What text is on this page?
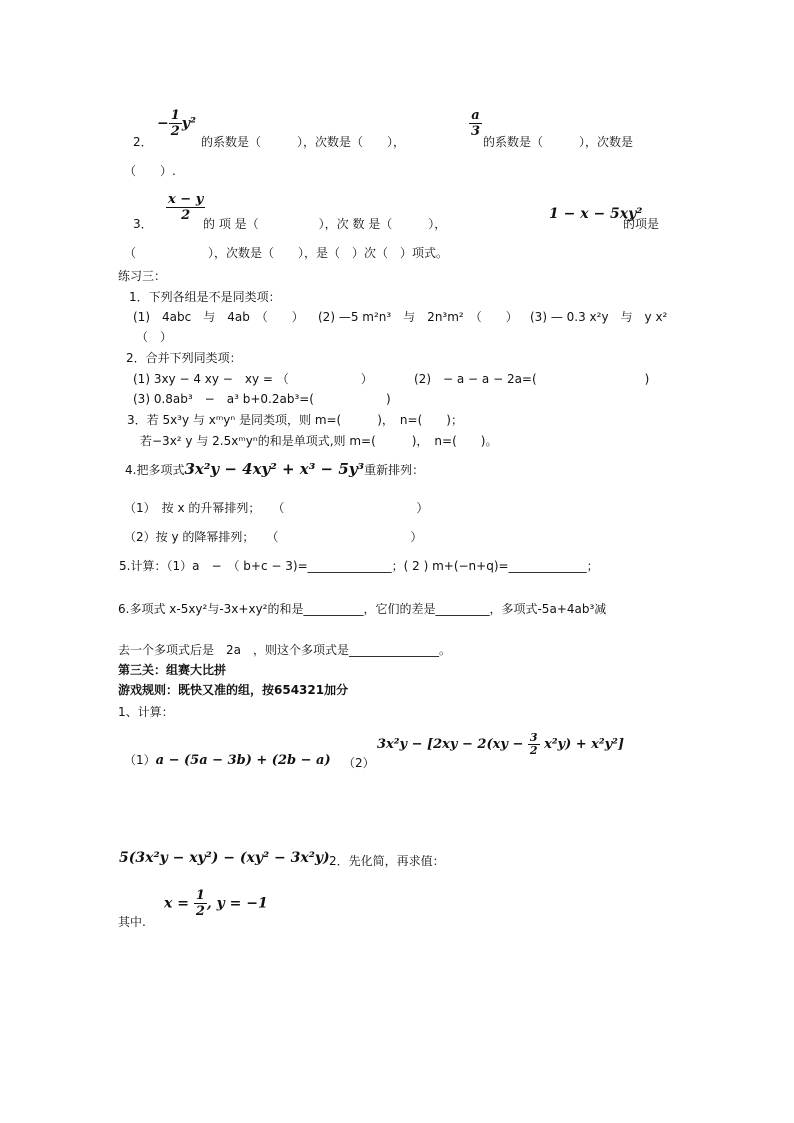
2．
− $\frac{1}{2} y^2$
的系数是（　　　），次数是（　　），
$\frac{a}{3}$
的系数是（　　　），次数是
（　　）.
3．
$\frac{x - y}{2}$
的 项 是（　　　　　），次 数 是（　　　），
1 − x − 5xy²
的项是
（　　　　　　），次数是（　　），是（　）次（　）项式。
练习三：
1．下列各组是不是同类项：
(1)　4abc　与　4ab　（　　） (2) —5 m²n³　与　2n³m²　（　　） (3) — 0.3 x²y　与　y x²
（　）
2．合并下列同类项：
(1) 3xy − 4 xy −　xy = （　　　　　　）	(2)　− a − a − 2a=(　　　　　　　　　)
(3) 0.8ab³　−　a³ b+0.2ab³=(　　　　　　)
3．若 5x³y 与 xᵐyⁿ 是同类项，则 m=(　　　)，　n=(　　)；
若−3x² y 与 2.5xᵐyⁿ的和是单项式,则 m=(　　　)，　n=(　　)。
4.把多项式3x²y − 4xy² + x³ − 5y³重新排列：
（1）　按 x 的升幂排列；　　（　　　　　　　　　　　）
（2）按 y 的降幂排列；　　（　　　　　　　　　　　）
5.计算：（1）a　−　（ b+c − 3)=______________；( 2 ) m+(−n+q)=_____________；
6.多项式 x-5xy²与-3x+xy²的和是__________，它们的差是_________，多项式-5a+4ab³减
去一个多项式后是　2a　，则这个多项式是_______________。
第三关：组赛大比拼
游戏规则：既快又准的组，按654321加分
1、计算：
（1）a − (5a − 3b) + (2b − a) （2）
$3x^2y - [2xy - 2(xy - \frac{3}{2} x^2y) + x^2y^2]$
5(3x²y − xy²) − (xy² − 3x²y) 2．先化简，再求值：
其中.
$x = \frac{1}{2}$ , y = −1
